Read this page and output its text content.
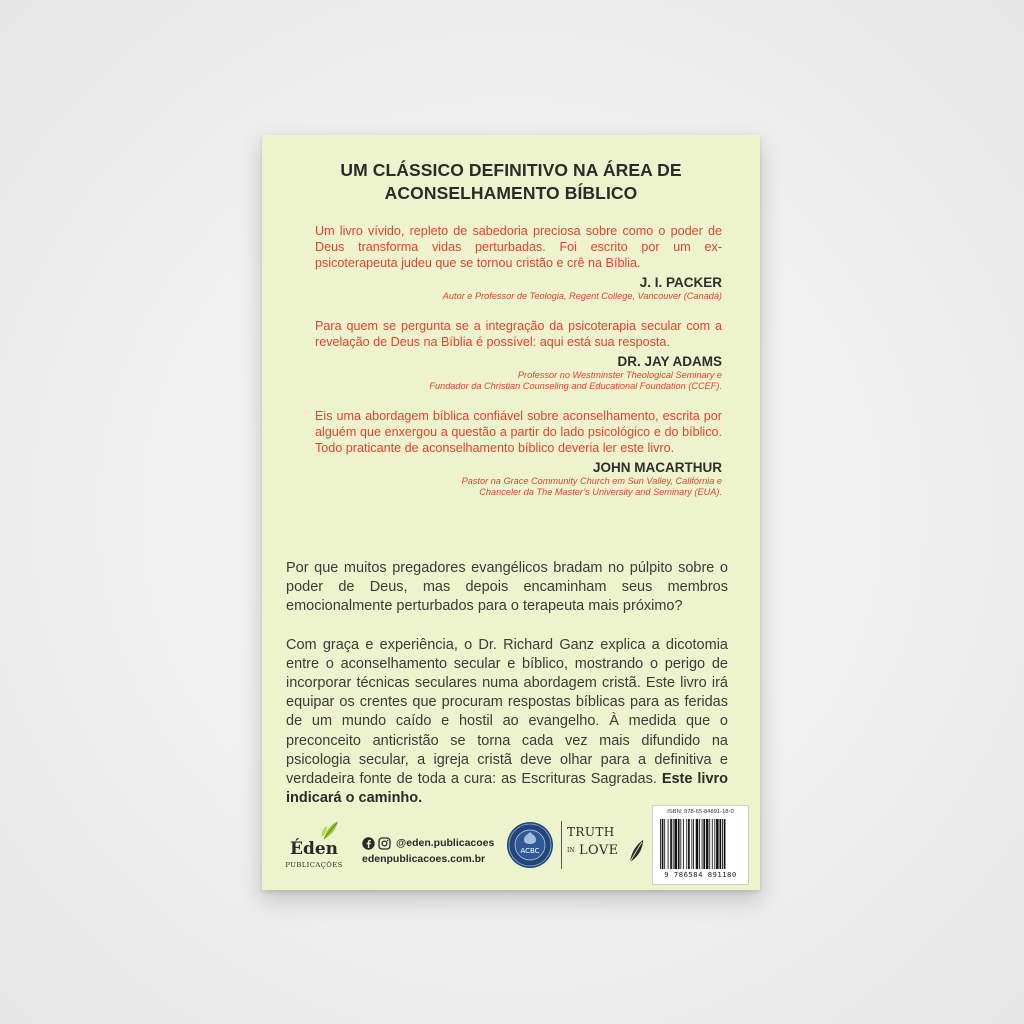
UM CLÁSSICO DEFINITIVO NA ÁREA DE
ACONSELHAMENTO BÍBLICO

Um livro vívido, repleto de sabedoria preciosa sobre como o poder de Deus transforma vidas perturbadas. Foi escrito por um ex-psicoterapeuta judeu que se tornou cristão e crê na Bíblia.

J. I. PACKER
Autor e Professor de Teologia, Regent College, Vancouver (Canadá)

Para quem se pergunta se a integração da psicoterapia secular com a revelação de Deus na Bíblia é possível: aqui está sua resposta.

DR. JAY ADAMS
Professor no Westminster Theological Seminary e
Fundador da Christian Counseling and Educational Foundation (CCEF).

Eis uma abordagem bíblica confiável sobre aconselhamento, escrita por alguém que enxergou a questão a partir do lado psicológico e do bíblico. Todo praticante de aconselhamento bíblico deveria ler este livro.

JOHN MACARTHUR
Pastor na Grace Community Church em Sun Valley, Califórnia e
Chanceler da The Master’s University and Seminary (EUA).

Por que muitos pregadores evangélicos bradam no púlpito sobre o poder de Deus, mas depois encaminham seus membros emocionalmente perturbados para o terapeuta mais próximo?

Com graça e experiência, o Dr. Richard Ganz explica a dicotomia entre o aconselhamento secular e bíblico, mostrando o perigo de incorporar técnicas seculares numa abordagem cristã. Este livro irá equipar os crentes que procuram respostas bíblicas para as feridas de um mundo caído e hostil ao evangelho. À medida que o preconceito anticristão se torna cada vez mais difundido na psicologia secular, a igreja cristã deve olhar para a definitiva e verdadeira fonte de toda a cura: as Escrituras Sagradas. Este livro indicará o caminho.

Éden
PUBLICAÇÕES
@eden.publicacoes
edenpublicacoes.com.br
ACBC
TRUTH
IN LOVE
ISBN: 978-65-84891-18-0
9 786584 891180
